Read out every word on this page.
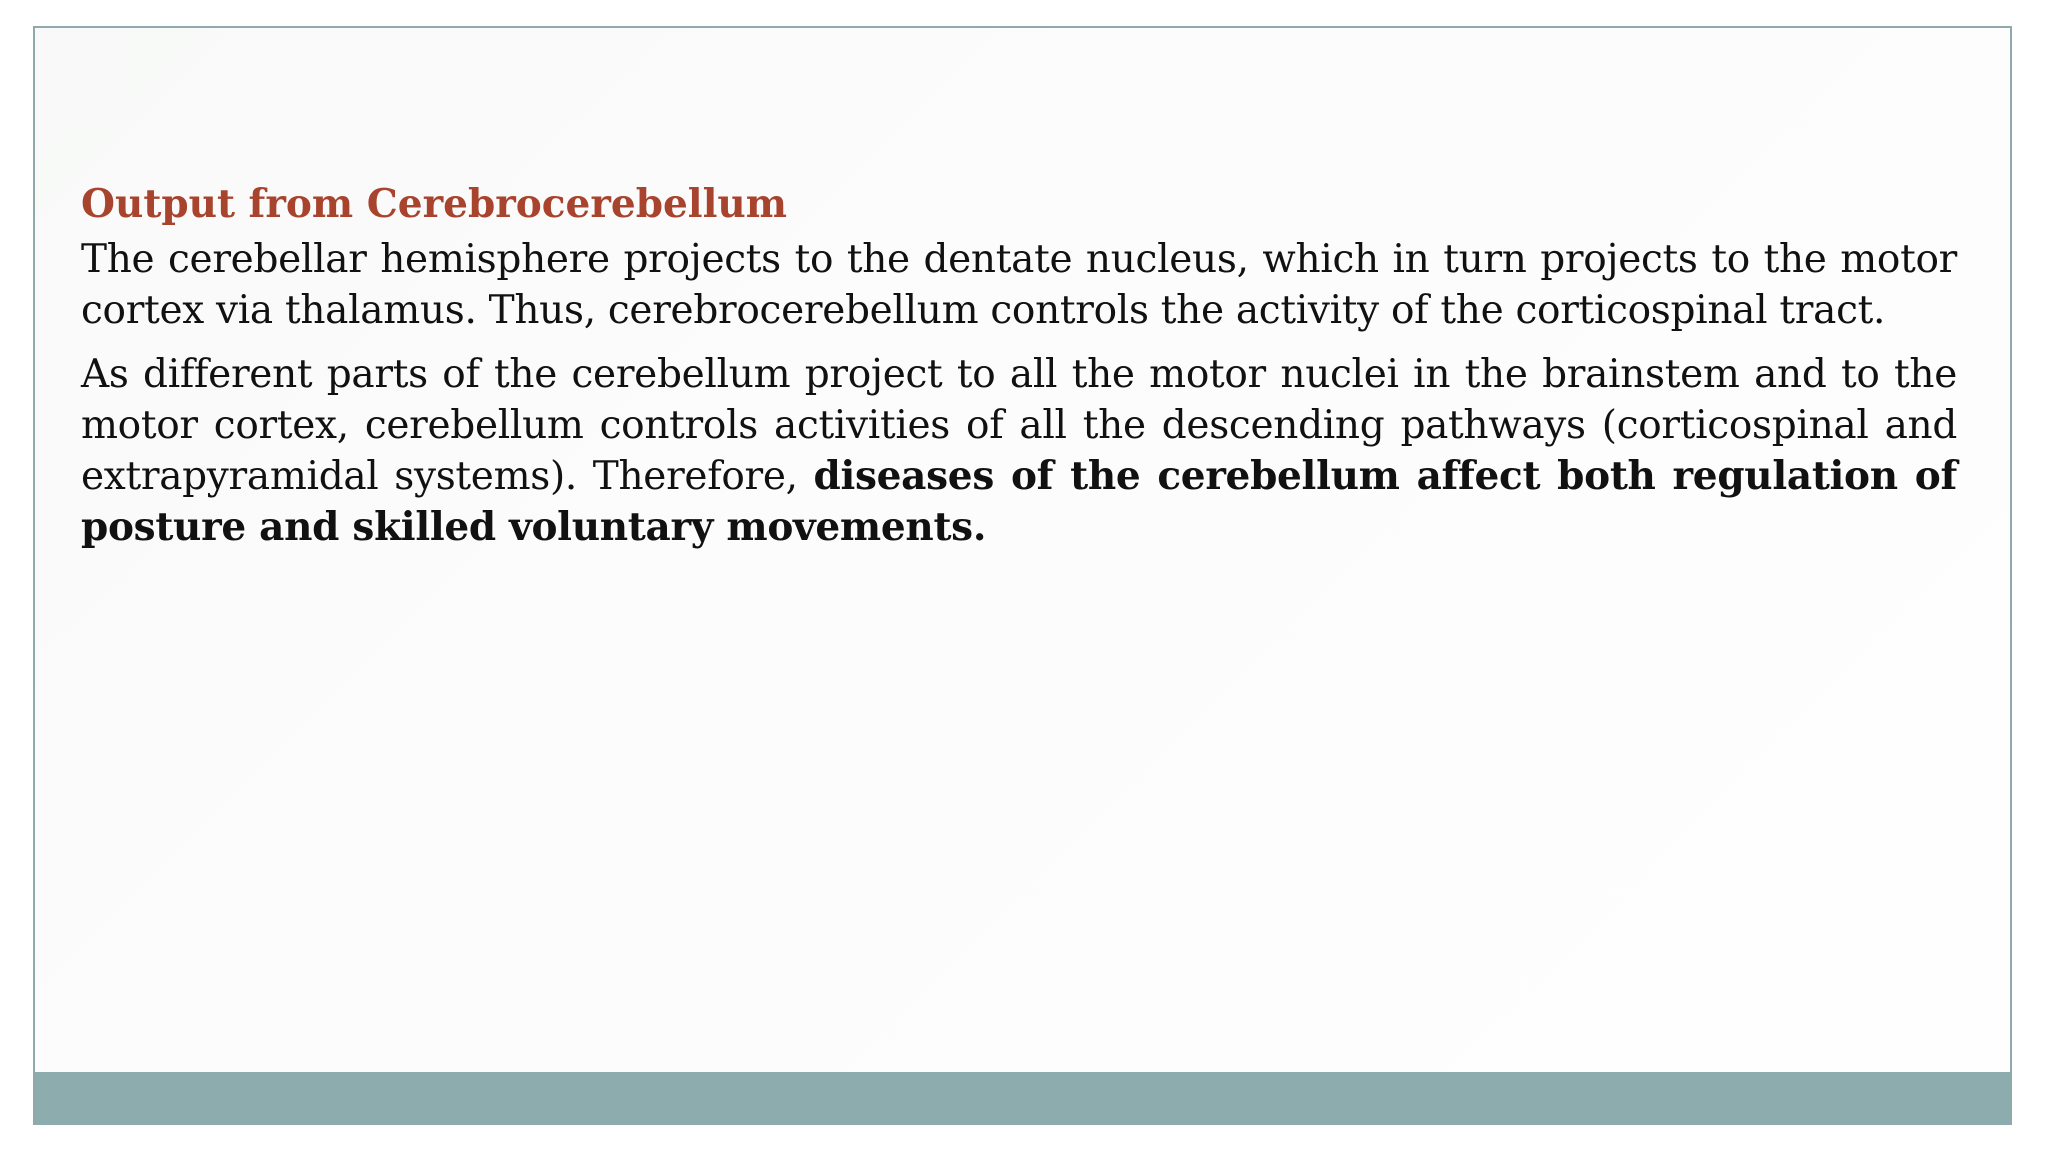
Output from Cerebrocerebellum

The cerebellar hemisphere projects to the dentate nucleus, which in turn projects to the motor cortex via thalamus. Thus, cerebrocerebellum controls the activity of the corticospinal tract.

As different parts of the cerebellum project to all the motor nuclei in the brainstem and to the motor cortex, cerebellum controls activities of all the descending pathways (corticospinal and extrapyramidal systems). Therefore, diseases of the cerebellum affect both regulation of posture and skilled voluntary movements.
